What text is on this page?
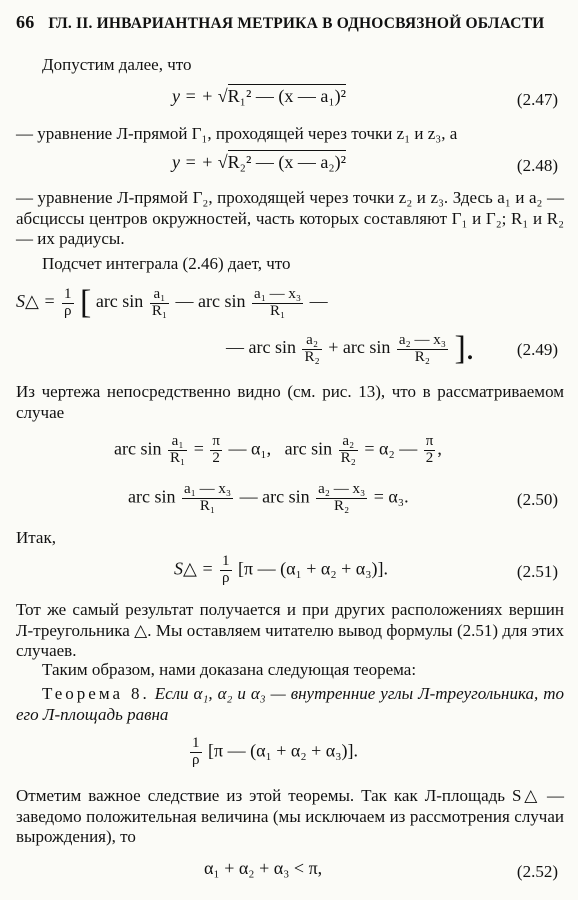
66 ГЛ. II. ИНВАРИАНТНАЯ МЕТРИКА В ОДНОСВЯЗНОЙ ОБЛАСТИ
Допустим далее, что
y = + √R₁² — (x — a₁)²	(2.47)
— уравнение Л-прямой Γ₁, проходящей через точки z₁ и z₃, а
y = + √R₂² — (x — a₂)²	(2.48)
— уравнение Л-прямой Γ₂, проходящей через точки z₂ и z₃. Здесь a₁ и a₂ — абсциссы центров окружностей, часть которых составляют Γ₁ и Γ₂; R₁ и R₂ — их радиусы.
Подсчет интеграла (2.46) дает, что
S△ = $\frac{1}{\rho}$ [ arc $\sin \frac{\text{a₁}}{\text{R₁}}$ — arc $\sin \frac{\text{a₁ — x₃}}{\text{R₁}}$ —
— arc $\sin \frac{\text{a₂}}{\text{R₂}}$ + arc $\sin \frac{\text{a₂ — x₃}}{\text{R₂}}$ ].	(2.49)
Из чертежа непосредственно видно (см. рис. 13), что в рассматриваемом случае
arc $\sin \frac{\text{a₁}}{\text{R₁}} = \frac{\pi}{2}$ — α₁,   arc $\sin \frac{\text{a₂}}{\text{R₂}} = \alpha_2$ — $\frac{\pi}{2}$ ,
arc $\sin \frac{\text{a₁ — x₃}}{\text{R₁}}$ — arc $\sin \frac{\text{a₂ — x₃}}{\text{R₂}} = \alpha_3$.	(2.50)
Итак,
S△ = $\frac{1}{\rho} [\pi$ — (α₁ + α₂ + α₃)].	(2.51)
Тот же самый результат получается и при других расположениях вершин Л-треугольника △. Мы оставляем читателю вывод формулы (2.51) для этих случаев.
Таким образом, нами доказана следующая теорема:
Теорема 8. Если α₁, α₂ и α₃ — внутренние углы Л-треугольника, то его Л-площадь равна
$\frac{1}{\rho} [\pi$ — (α₁ + α₂ + α₃)].
Отметим важное следствие из этой теоремы. Так как Л-площадь S△ — заведомо положительная величина (мы исключаем из рассмотрения случаи вырождения), то
α₁ + α₂ + α₃ < π,	(2.52)
